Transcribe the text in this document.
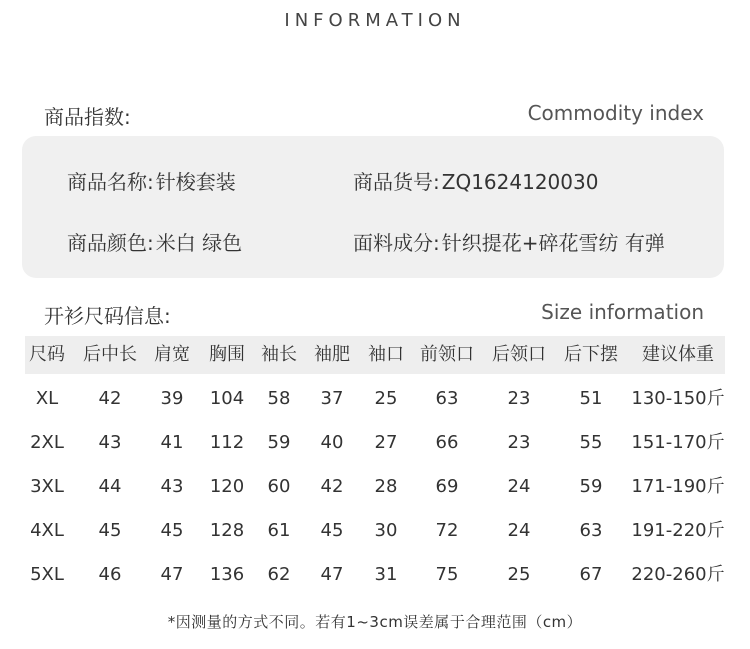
INFORMATION
商品指数:	Commodity index
商品名称: 针梭套装	商品货号: ZQ1624120030
商品颜色: 米白 绿色	面料成分: 针织提花+碎花雪纺 有弹
开衫尺码信息:	Size information
尺码 后中长 肩宽	胸围 袖长 袖肥	袖口 前领口	后领口	后下摆	建议体重
XL	42	39	104	58	37	25	63	23	51	130-150斤
2XL	43	41	112	59	40	27	66	23	55	151-170斤
3XL	44	43	120	60	42	28	69	24	59	171-190斤
4XL	45	45	128	61	45	30	72	24	63	191-220斤
5XL	46	47	136	62	47	31	75	25	67	220-260斤
*因测量的方式不同。若有1~3cm误差属于合理范围（cm）
